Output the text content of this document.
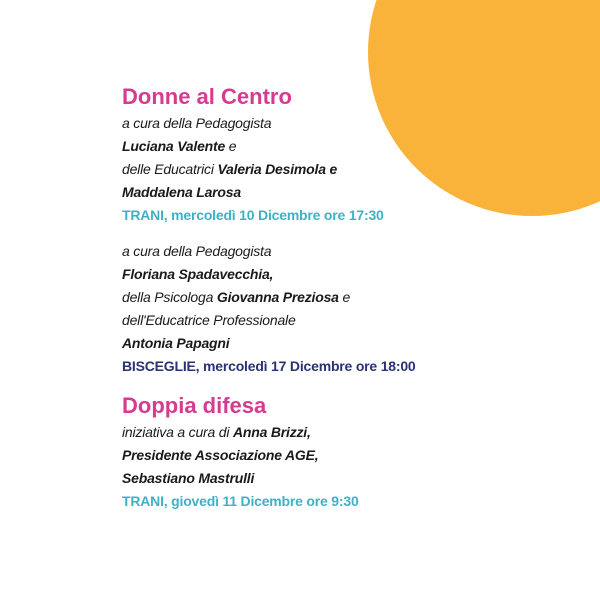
Donne al Centro
a cura della Pedagogista
Luciana Valente e
delle Educatrici Valeria Desimola e
Maddalena Larosa
TRANI, mercoledì 10 Dicembre ore 17:30
a cura della Pedagogista
Floriana Spadavecchia,
della Psicologa Giovanna Preziosa e
dell'Educatrice Professionale
Antonia Papagni
BISCEGLIE, mercoledì 17 Dicembre ore 18:00
Doppia difesa
iniziativa a cura di Anna Brizzi,
Presidente Associazione AGE,
Sebastiano Mastrulli
TRANI, giovedì 11 Dicembre ore 9:30
